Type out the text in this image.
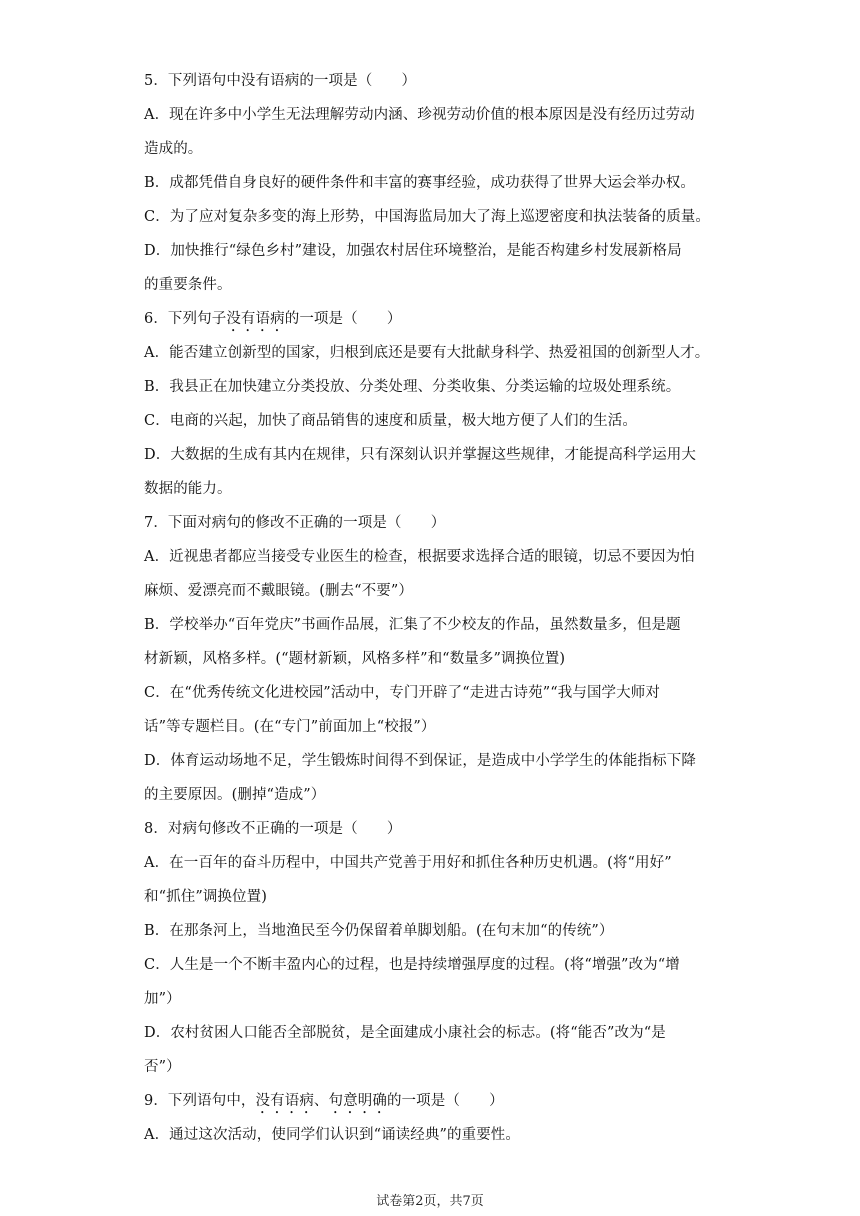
5．下列语句中没有语病的一项是（　　）
A．现在许多中小学生无法理解劳动内涵、珍视劳动价值的根本原因是没有经历过劳动
造成的。
B．成都凭借自身良好的硬件条件和丰富的赛事经验，成功获得了世界大运会举办权。
C．为了应对复杂多变的海上形势，中国海监局加大了海上巡逻密度和执法装备的质量。
D．加快推行“绿色乡村”建设，加强农村居住环境整治，是能否构建乡村发展新格局
的重要条件。
6．下列句子没有语病的一项是（　　）
A．能否建立创新型的国家，归根到底还是要有大批献身科学、热爱祖国的创新型人才。
B．我县正在加快建立分类投放、分类处理、分类收集、分类运输的垃圾处理系统。
C．电商的兴起，加快了商品销售的速度和质量，极大地方便了人们的生活。
D．大数据的生成有其内在规律，只有深刻认识并掌握这些规律，才能提高科学运用大
数据的能力。
7．下面对病句的修改不正确的一项是（　　）
A．近视患者都应当接受专业医生的检查，根据要求选择合适的眼镜，切忌不要因为怕
麻烦、爱漂亮而不戴眼镜。(删去“不要”）
B．学校举办“百年党庆”书画作品展，汇集了不少校友的作品，虽然数量多，但是题
材新颖，风格多样。(“题材新颖，风格多样”和“数量多”调换位置)
C．在“优秀传统文化进校园”活动中，专门开辟了“走进古诗苑”“我与国学大师对
话”等专题栏目。(在“专门”前面加上“校报”）
D．体育运动场地不足，学生锻炼时间得不到保证，是造成中小学学生的体能指标下降
的主要原因。(删掉“造成”）
8．对病句修改不正确的一项是（　　）
A．在一百年的奋斗历程中，中国共产党善于用好和抓住各种历史机遇。(将“用好”
和“抓住”调换位置)
B．在那条河上，当地渔民至今仍保留着单脚划船。(在句末加“的传统”）
C．人生是一个不断丰盈内心的过程，也是持续增强厚度的过程。(将“增强”改为“增
加”）
D．农村贫困人口能否全部脱贫，是全面建成小康社会的标志。(将“能否”改为“是
否”）
9．下列语句中，没有语病、句意明确的一项是（　　）
A．通过这次活动，使同学们认识到“诵读经典”的重要性。
试卷第2页，共7页
